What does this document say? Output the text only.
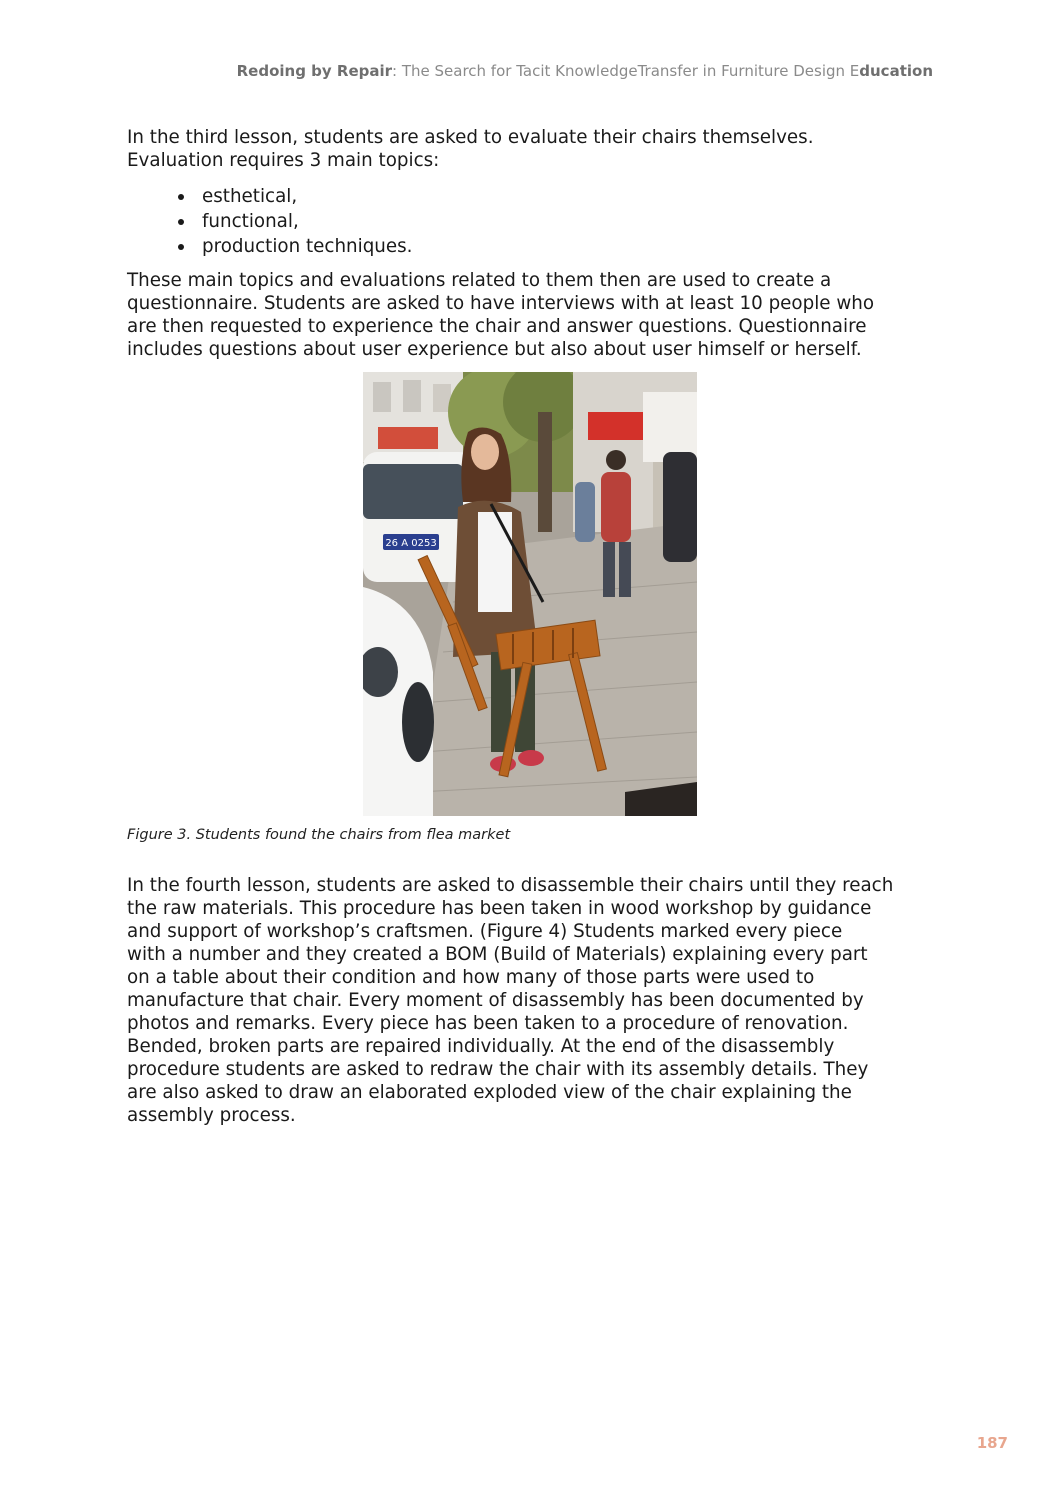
Redoing by Repair: The Search for Tacit KnowledgeTransfer in Furniture Design Education

In the third lesson, students are asked to evaluate their chairs themselves.

Evaluation requires 3 main topics:

esthetical,
functional,
production techniques.

These main topics and evaluations related to them then are used to create a

questionnaire. Students are asked to have interviews with at least 10 people who

are then requested to experience the chair and answer questions. Questionnaire

includes questions about user experience but also about user himself or herself.

26 A 0253
Figure 3. Students found the chairs from flea market

In the fourth lesson, students are asked to disassemble their chairs until they reach

the raw materials. This procedure has been taken in wood workshop by guidance

and support of workshop’s craftsmen. (Figure 4) Students marked every piece

with a number and they created a BOM (Build of Materials) explaining every part

on a table about their condition and how many of those parts were used to

manufacture that chair. Every moment of disassembly has been documented by

photos and remarks. Every piece has been taken to a procedure of renovation.

Bended, broken parts are repaired individually. At the end of the disassembly

procedure students are asked to redraw the chair with its assembly details. They

are also asked to draw an elaborated exploded view of the chair explaining the

assembly process.

187
